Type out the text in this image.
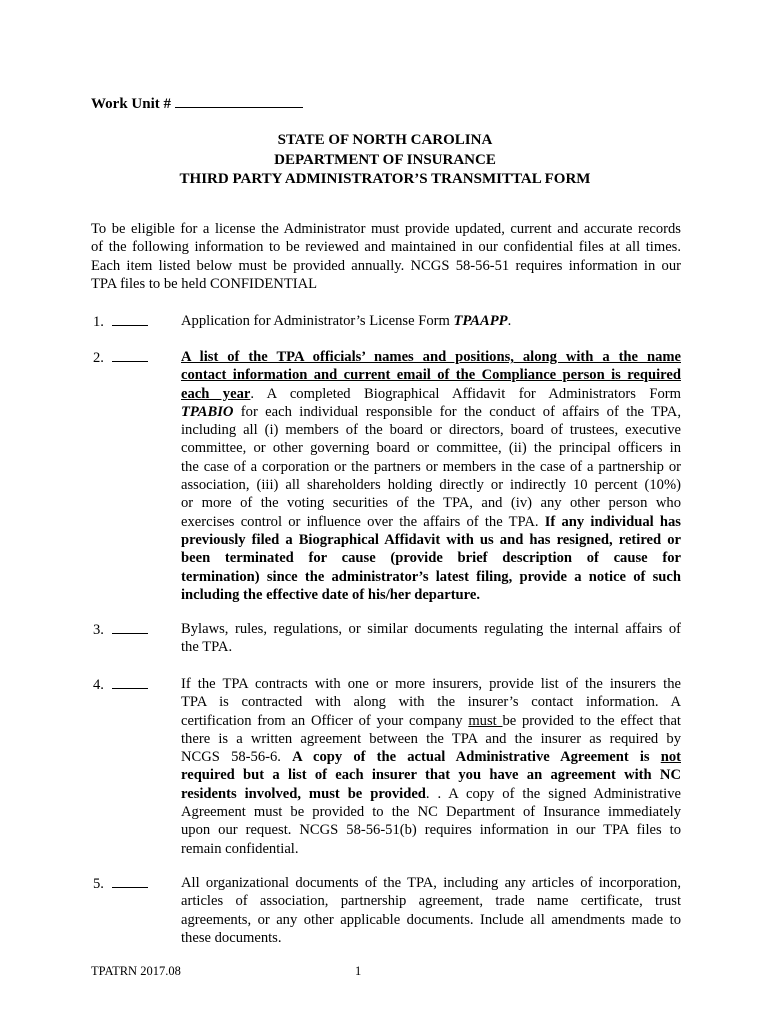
Work Unit #
STATE OF NORTH CAROLINA
DEPARTMENT OF INSURANCE
THIRD PARTY ADMINISTRATOR’S TRANSMITTAL FORM
To be eligible for a license the Administrator must provide updated, current and accurate records
of the following information to be reviewed and maintained in our confidential files at all times.
Each item listed below must be provided annually. NCGS 58-56-51 requires information in our
TPA files to be held CONFIDENTIAL
1.	Application for Administrator’s License Form TPAAPP.
2.	A list of the TPA officials’ names and positions, along with a the name
contact information and current email of the Compliance person is required
each year. A completed Biographical Affidavit for Administrators Form
TPABIO for each individual responsible for the conduct of affairs of the TPA,
including all (i) members of the board or directors, board of trustees, executive
committee, or other governing board or committee, (ii) the principal officers in
the case of a corporation or the partners or members in the case of a partnership or
association, (iii) all shareholders holding directly or indirectly 10 percent (10%)
or more of the voting securities of the TPA, and (iv) any other person who
exercises control or influence over the affairs of the TPA. If any individual has
previously filed a Biographical Affidavit with us and has resigned, retired or
been terminated for cause (provide brief description of cause for
termination) since the administrator’s latest filing, provide a notice of such
including the effective date of his/her departure.
3.	Bylaws, rules, regulations, or similar documents regulating the internal affairs of
the TPA.
4.	If the TPA contracts with one or more insurers, provide list of the insurers the
TPA is contracted with along with the insurer’s contact information. A
certification from an Officer of your company must be provided to the effect that
there is a written agreement between the TPA and the insurer as required by
NCGS 58-56-6. A copy of the actual Administrative Agreement is not
required but a list of each insurer that you have an agreement with NC
residents involved, must be provided. . A copy of the signed Administrative
Agreement must be provided to the NC Department of Insurance immediately
upon our request. NCGS 58-56-51(b) requires information in our TPA files to
remain confidential.
5.	All organizational documents of the TPA, including any articles of incorporation,
articles of association, partnership agreement, trade name certificate, trust
agreements, or any other applicable documents. Include all amendments made to
these documents.
TPATRN 2017.08	1
